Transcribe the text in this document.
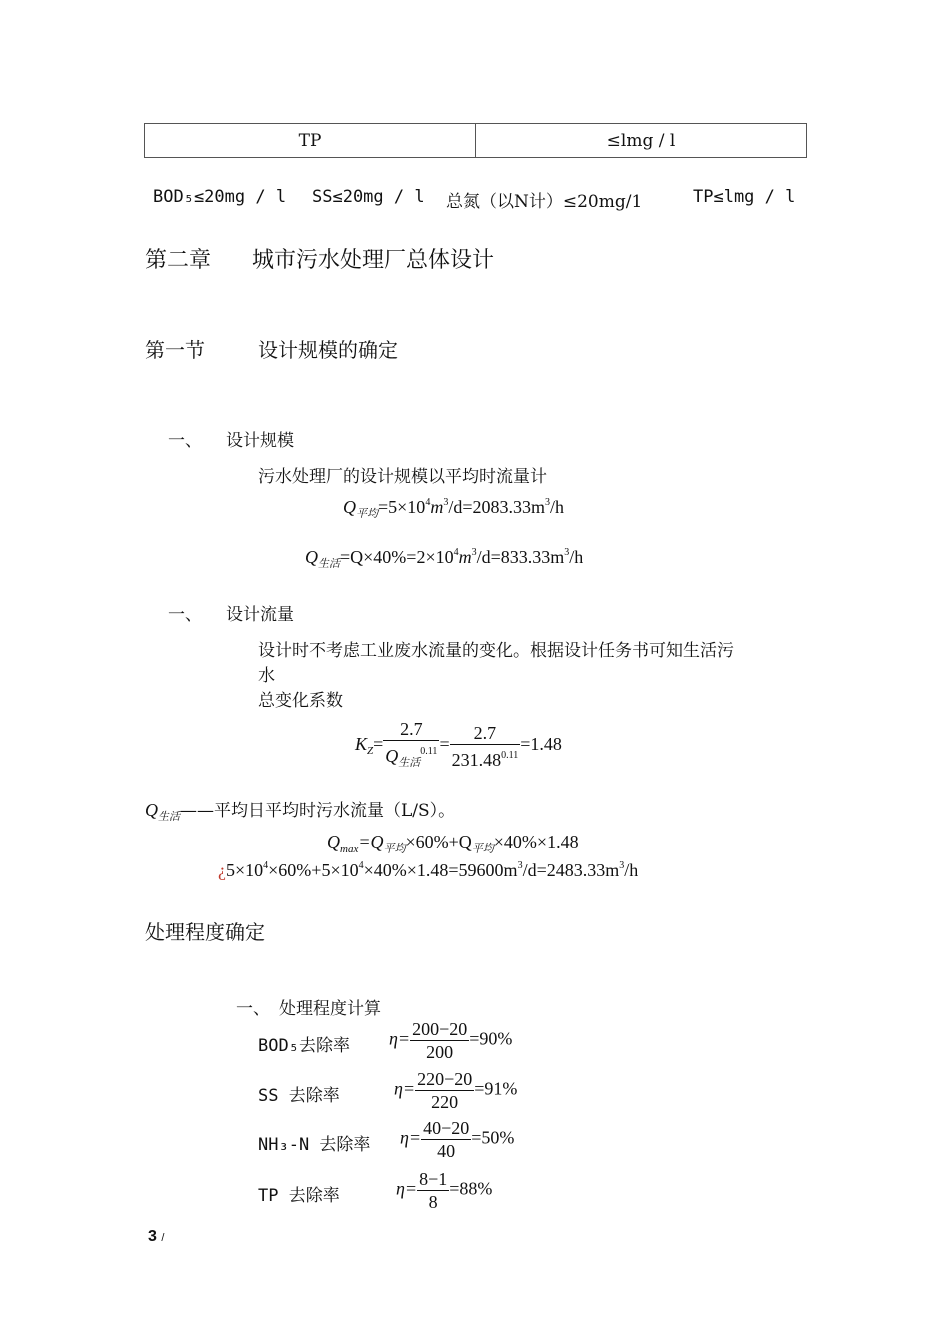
TP	≤lmg / l
BOD₅≤20mg / l SS≤20mg / l 总氮（以N计）≤20mg/1	TP≤lmg / l
第二章 城市污水处理厂总体设计
第一节	设计规模的确定
一、 设计规模
污水处理厂的设计规模以平均时流量计
$Q_{平均}=5\times 10^4m^3/d=2083.33m^3/h$
$Q_{生活}=Q\times 40\%=2\times 10^4m^3/d=833.33m^3/h$
一、 设计流量
设计时不考虑工业废水流量的变化。根据设计任务书可知生活污
水
总变化系数
$K_Z= \frac{2.7}{Q_{生活}^{0.11}} = \frac{2.7}{231.48^{0.11}} =1.48$
$Q_{生活}——$平均日平均时污水流量（L/S）。
$Q_{max}=Q_{平均}\times 60\%+Q_{平均}\times 40\%\times 1.48$
¿$5\times 10^4\times 60\%+5\times 10^4\times 40\%\times 1.48=59600m^3/d=2483.33m^3/h$
处理程度确定
一、 处理程度计算
BOD₅去除率 $\eta= \frac{200-20}{200} =90\%$
SS 去除率	$\eta= \frac{220-20}{220} =91\%$
NH₃-N 去除率 $\eta= \frac{40-20}{40} =50\%$
TP 去除率	$\eta= \frac{8-1}{8} =88\%$
3 /
